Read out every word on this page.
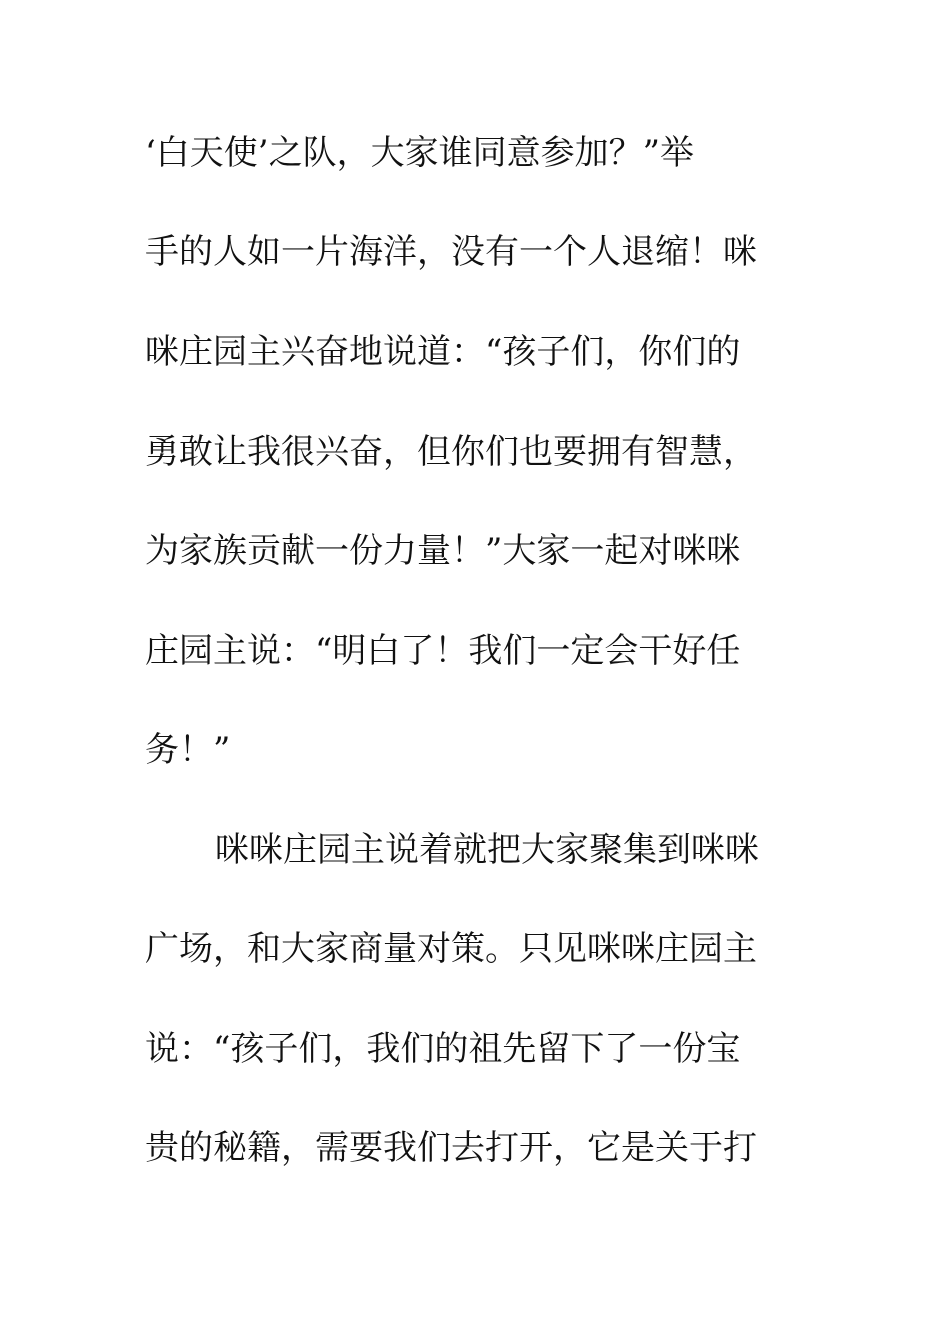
‘白天使’之队，大家谁同意参加？”举
手的人如一片海洋，没有一个人退缩！咪
咪庄园主兴奋地说道：“孩子们，你们的
勇敢让我很兴奋，但你们也要拥有智慧，
为家族贡献一份力量！”大家一起对咪咪
庄园主说：“明白了！我们一定会干好任
务！”
咪咪庄园主说着就把大家聚集到咪咪
广场，和大家商量对策。只见咪咪庄园主
说：“孩子们，我们的祖先留下了一份宝
贵的秘籍，需要我们去打开，它是关于打
